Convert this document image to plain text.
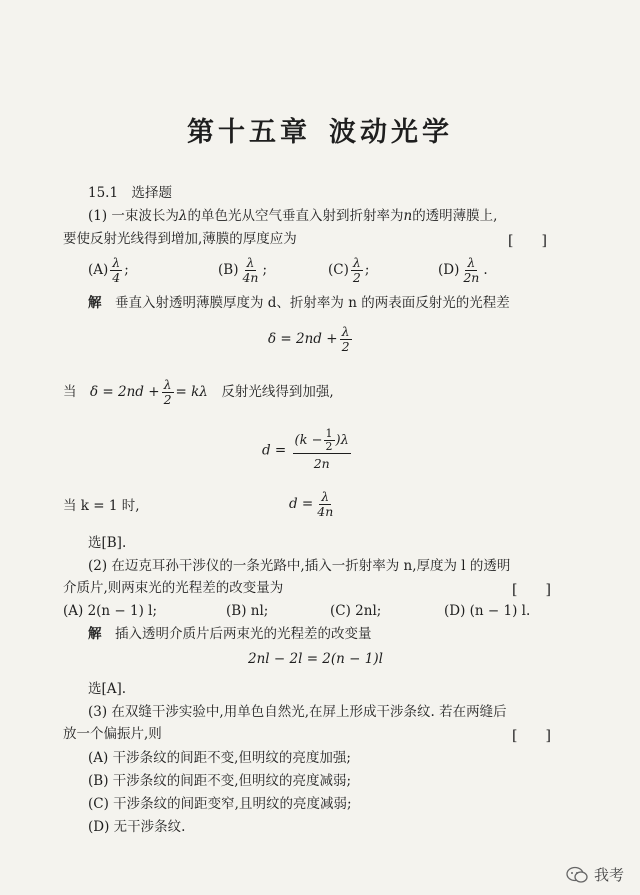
第十五章 波动光学
15.1　选择题
(1) 一束波长为λ的单色光从空气垂直入射到折射率为n的透明薄膜上,
要使反射光线得到增加,薄膜的厚度应为	[　　]
$(A) \frac{\lambda}{4}$ ;	$(B) \frac{\lambda}{4n}$ ;	$(C) \frac{\lambda}{2}$ ;	$(D) \frac{\lambda}{2n}$ .
解　 垂直入射透明薄膜厚度为 d、折射率为 n 的两表面反射光的光程差
$\delta = 2nd + \frac{\lambda}{2}$
当　 $\delta = 2nd + \frac{\lambda}{2} = k\lambda$　 反射光线得到加强,
$d = \frac{(k - \frac{1}{2} )\lambda}{2n}$
当 k = 1 时,	$d = \frac{\lambda}{4n}$
选[B].
(2) 在迈克耳孙干涉仪的一条光路中,插入一折射率为 n,厚度为 l 的透明
介质片,则两束光的光程差的改变量为	[　　]
(A) 2(n − 1) l;	(B) nl;	(C) 2nl;	(D) (n − 1) l.
解　 插入透明介质片后两束光的光程差的改变量
2nl − 2l = 2(n − 1)l
选[A].
(3) 在双缝干涉实验中,用单色自然光,在屏上形成干涉条纹. 若在两缝后
放一个偏振片,则	[　　]
(A) 干涉条纹的间距不变,但明纹的亮度加强;
(B) 干涉条纹的间距不变,但明纹的亮度减弱;
(C) 干涉条纹的间距变窄,且明纹的亮度减弱;
(D) 无干涉条纹.
我考
